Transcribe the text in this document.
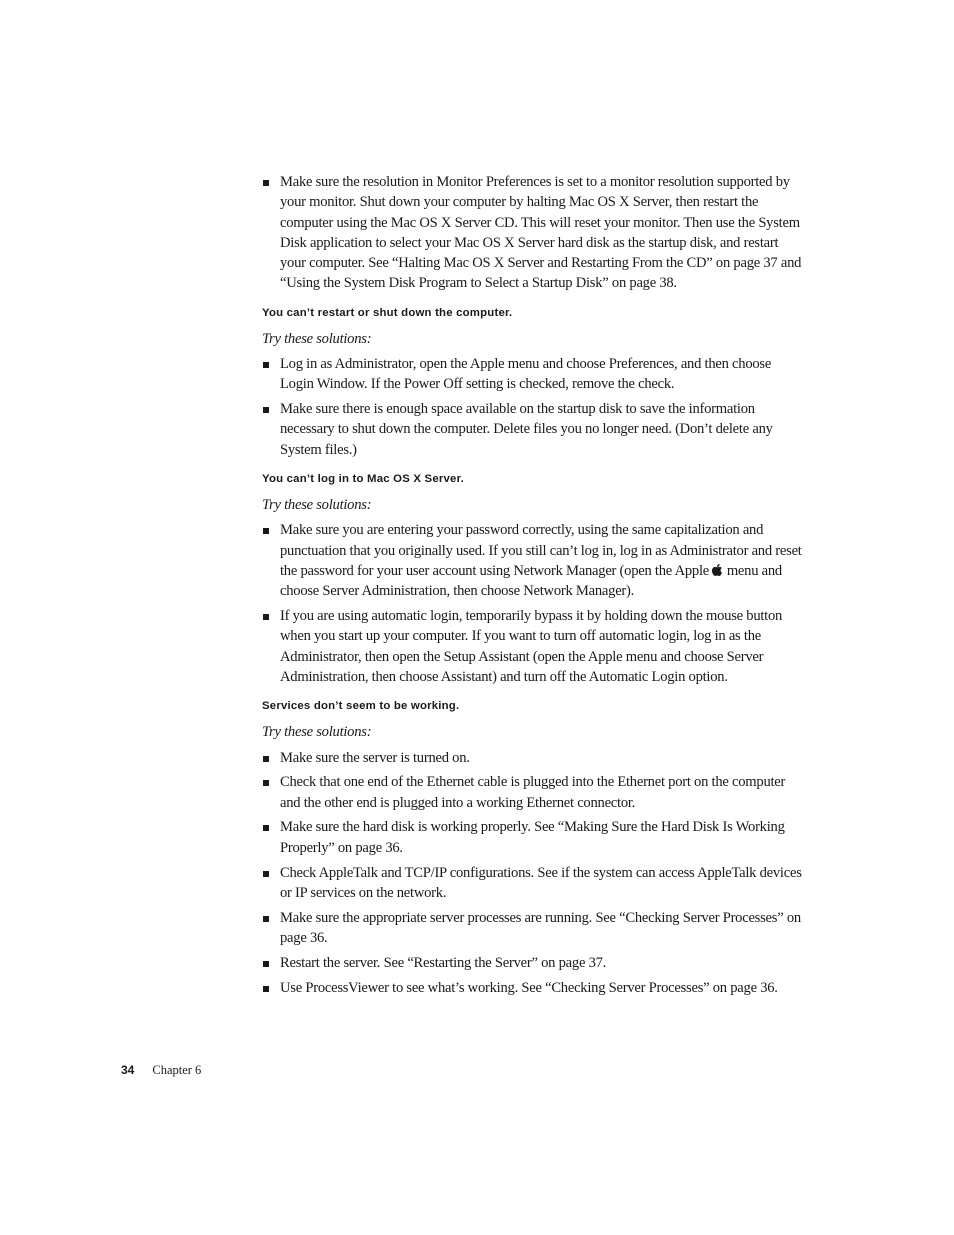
Make sure the resolution in Monitor Preferences is set to a monitor resolution supported by your monitor. Shut down your computer by halting Mac OS X Server, then restart the computer using the Mac OS X Server CD. This will reset your monitor. Then use the System Disk application to select your Mac OS X Server hard disk as the startup disk, and restart your computer. See “Halting Mac OS X Server and Restarting From the CD” on page 37 and “Using the System Disk Program to Select a Startup Disk” on page 38.
You can’t restart or shut down the computer.
Try these solutions:
Log in as Administrator, open the Apple menu and choose Preferences, and then choose Login Window. If the Power Off setting is checked, remove the check.
Make sure there is enough space available on the startup disk to save the information necessary to shut down the computer. Delete files you no longer need. (Don’t delete any System files.)
You can’t log in to Mac OS X Server.
Try these solutions:
Make sure you are entering your password correctly, using the same capitalization and punctuation that you originally used. If you still can’t log in, log in as Administrator and reset the password for your user account using Network Manager (open the Apple menu and choose Server Administration, then choose Network Manager).
If you are using automatic login, temporarily bypass it by holding down the mouse button when you start up your computer. If you want to turn off automatic login, log in as the Administrator, then open the Setup Assistant (open the Apple menu and choose Server Administration, then choose Assistant) and turn off the Automatic Login option.
Services don’t seem to be working.
Try these solutions:
Make sure the server is turned on.
Check that one end of the Ethernet cable is plugged into the Ethernet port on the computer and the other end is plugged into a working Ethernet connector.
Make sure the hard disk is working properly. See “Making Sure the Hard Disk Is Working Properly” on page 36.
Check AppleTalk and TCP/IP configurations. See if the system can access AppleTalk devices or IP services on the network.
Make sure the appropriate server processes are running. See “Checking Server Processes” on page 36.
Restart the server. See “Restarting the Server” on page 37.
Use ProcessViewer to see what’s working. See “Checking Server Processes” on page 36.
34 Chapter 6
